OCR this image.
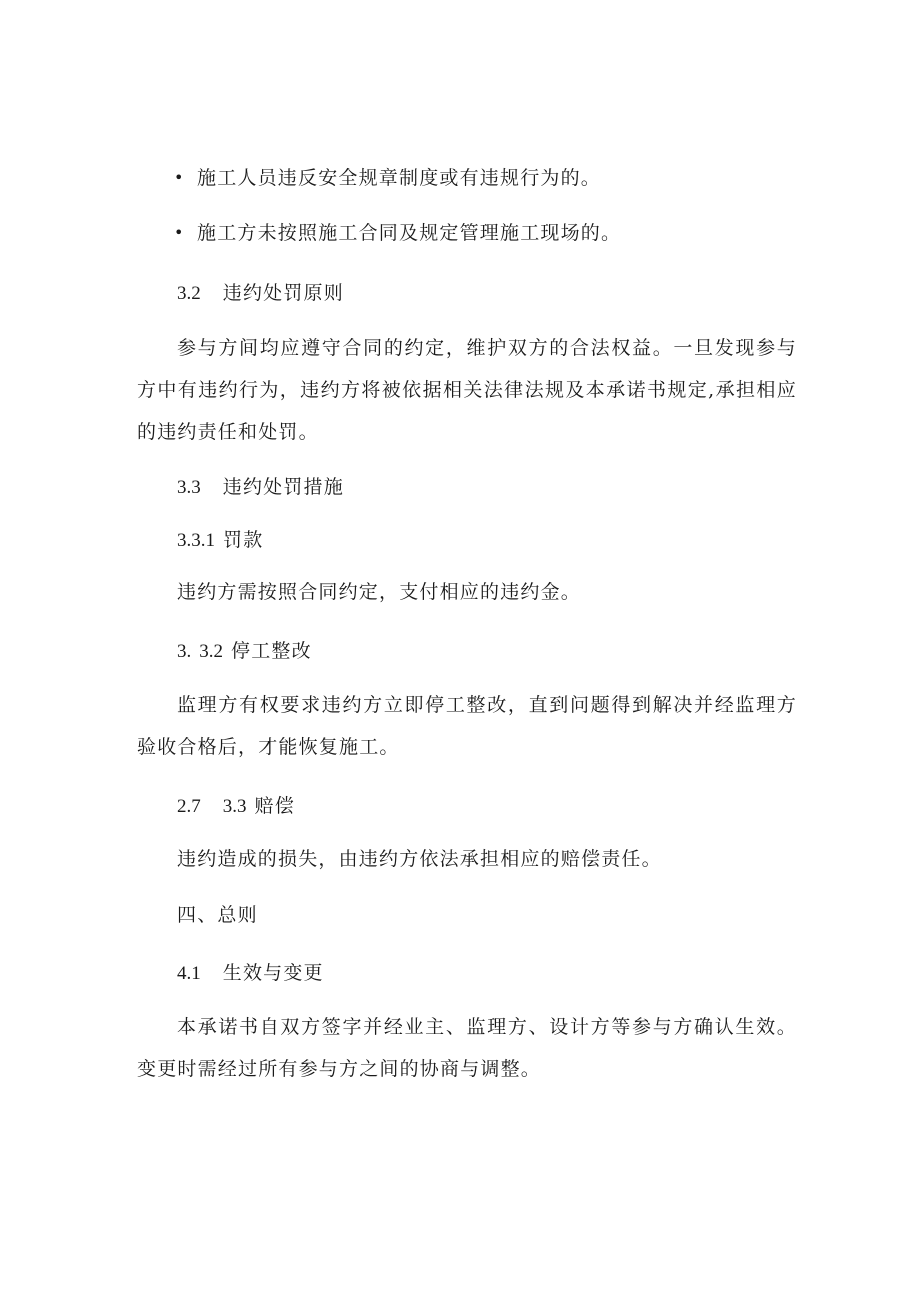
• 施工人员违反安全规章制度或有违规行为的。
• 施工方未按照施工合同及规定管理施工现场的。
3.2 违约处罚原则
参与方间均应遵守合同的约定，维护双方的合法权益。一旦发现参与方中有违约行为，违约方将被依据相关法律法规及本承诺书规定,承担相应的违约责任和处罚。
3.3 违约处罚措施
3.3.1 罚款
违约方需按照合同约定，支付相应的违约金。
3. 3.2 停工整改
监理方有权要求违约方立即停工整改，直到问题得到解决并经监理方验收合格后，才能恢复施工。
2.7 3.3 赔偿
违约造成的损失，由违约方依法承担相应的赔偿责任。
四、总则
4.1 生效与变更
本承诺书自双方签字并经业主、监理方、设计方等参与方确认生效。变更时需经过所有参与方之间的协商与调整。
